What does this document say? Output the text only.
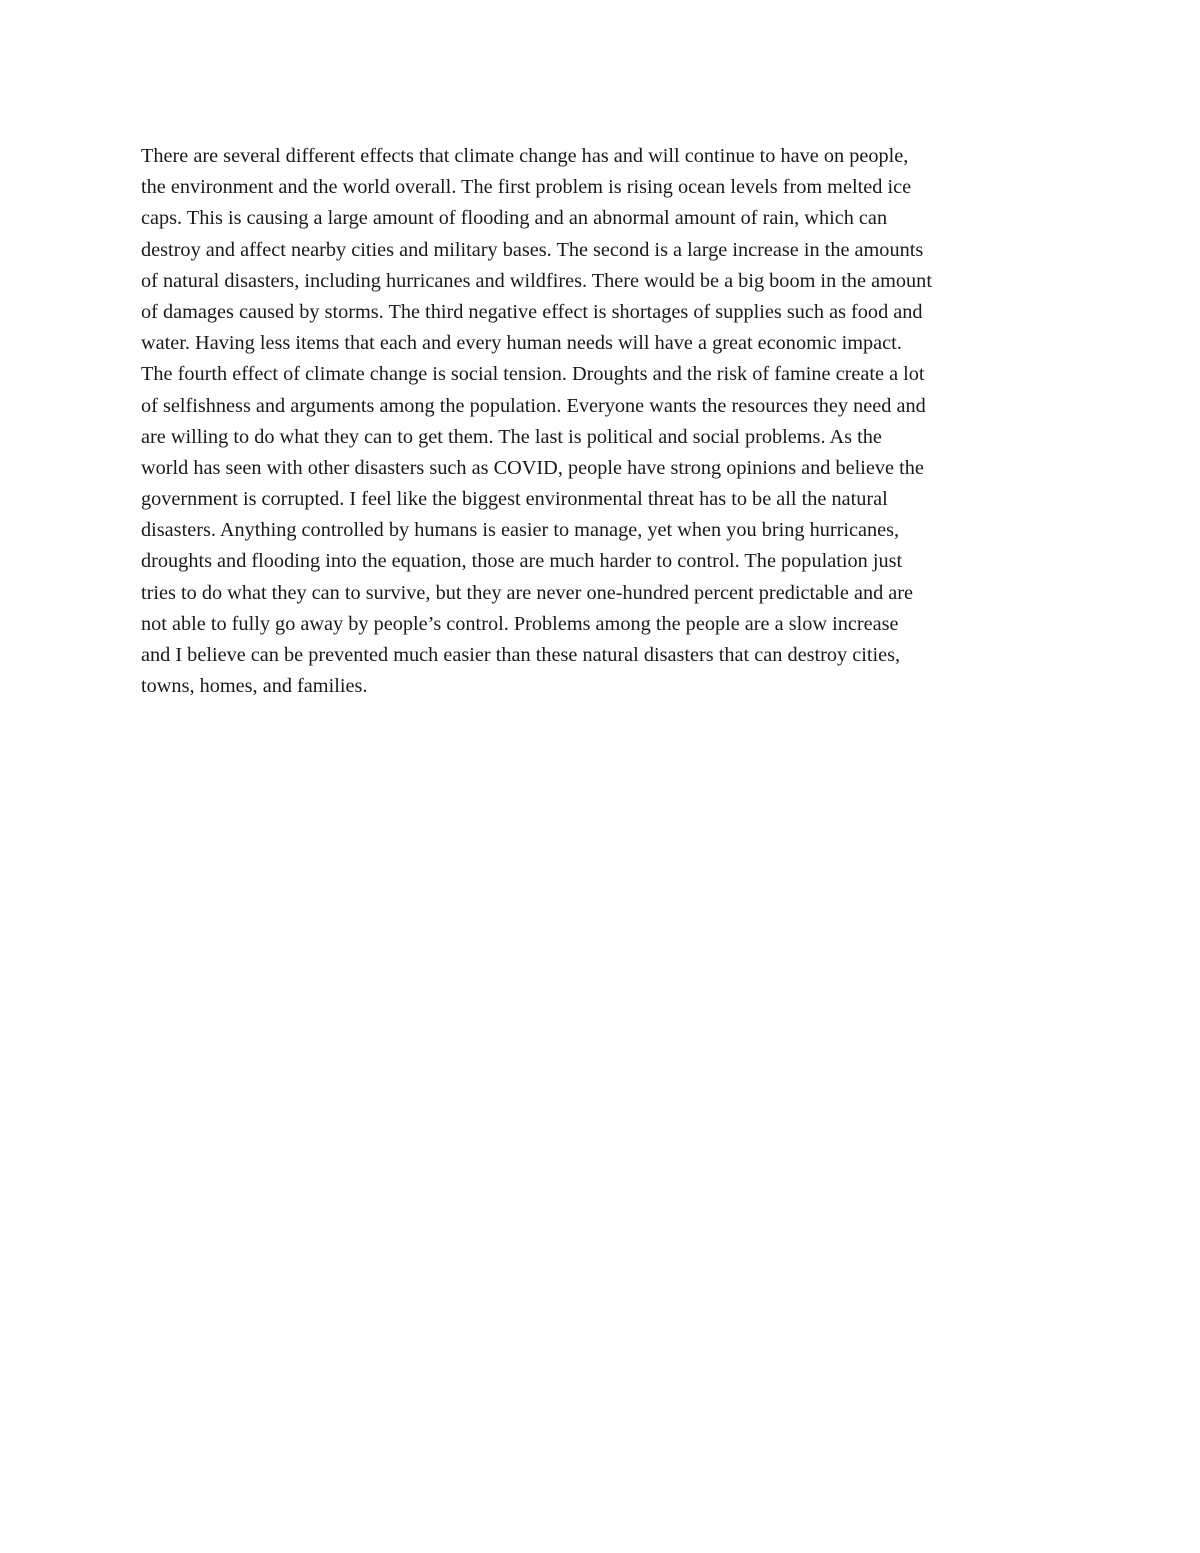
There are several different effects that climate change has and will continue to have on people,
the environment and the world overall. The first problem is rising ocean levels from melted ice
caps. This is causing a large amount of flooding and an abnormal amount of rain, which can
destroy and affect nearby cities and military bases. The second is a large increase in the amounts
of natural disasters, including hurricanes and wildfires. There would be a big boom in the amount
of damages caused by storms. The third negative effect is shortages of supplies such as food and
water. Having less items that each and every human needs will have a great economic impact.
The fourth effect of climate change is social tension. Droughts and the risk of famine create a lot
of selfishness and arguments among the population. Everyone wants the resources they need and
are willing to do what they can to get them. The last is political and social problems. As the
world has seen with other disasters such as COVID, people have strong opinions and believe the
government is corrupted. I feel like the biggest environmental threat has to be all the natural
disasters. Anything controlled by humans is easier to manage, yet when you bring hurricanes,
droughts and flooding into the equation, those are much harder to control. The population just
tries to do what they can to survive, but they are never one-hundred percent predictable and are
not able to fully go away by people’s control. Problems among the people are a slow increase
and I believe can be prevented much easier than these natural disasters that can destroy cities,
towns, homes, and families.
